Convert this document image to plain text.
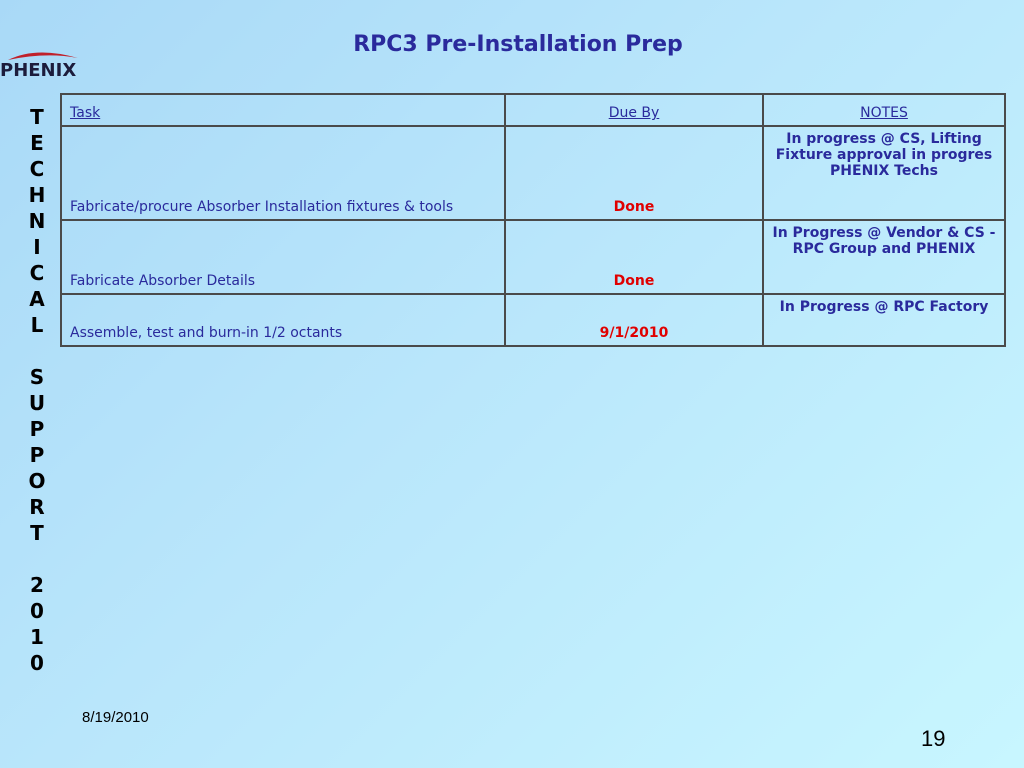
RPC3 Pre-Installation Prep
PHENIX
T
E
C
H
N
I
C
A
L
S
U
P
P
O
R
T
2
0
1
0
Task	Due By	NOTES
Fabricate/procure Absorber Installation fixtures & tools	Done	In progress @ CS, Lifting Fixture approval in progres PHENIX Techs
Fabricate Absorber Details	Done	In Progress @ Vendor & CS - RPC Group and PHENIX
Assemble, test and burn-in 1/2 octants	9/1/2010	In Progress @ RPC Factory
8/19/2010
19
